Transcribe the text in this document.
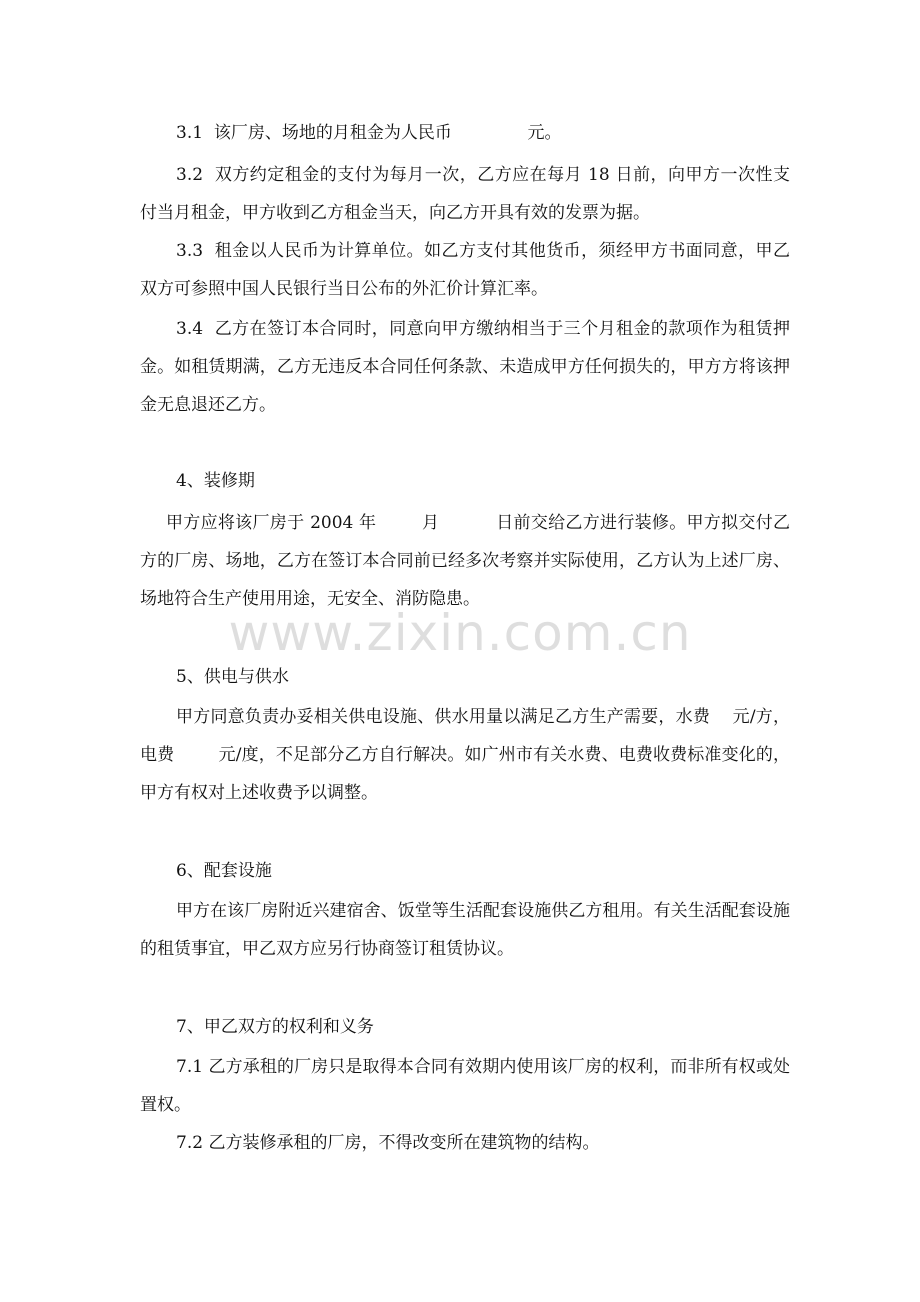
3.1  该厂房、场地的月租金为人民币              元。

3.2  双方约定租金的支付为每月一次，乙方应在每月 18 日前，向甲方一次性支付当月租金，甲方收到乙方租金当天，向乙方开具有效的发票为据。

3.3  租金以人民币为计算单位。如乙方支付其他货币，须经甲方书面同意，甲乙双方可参照中国人民银行当日公布的外汇价计算汇率。

3.4  乙方在签订本合同时，同意向甲方缴纳相当于三个月租金的款项作为租赁押金。如租赁期满，乙方无违反本合同任何条款、未造成甲方任何损失的，甲方方将该押金无息退还乙方。

4、装修期

甲方应将该厂房于 2004 年        月          日前交给乙方进行装修。甲方拟交付乙方的厂房、场地，乙方在签订本合同前已经多次考察并实际使用，乙方认为上述厂房、场地符合生产使用用途，无安全、消防隐患。

5、供电与供水

甲方同意负责办妥相关供电设施、供水用量以满足乙方生产需要，水费    元/方，电费        元/度，不足部分乙方自行解决。如广州市有关水费、电费收费标准变化的，甲方有权对上述收费予以调整。

6、配套设施

甲方在该厂房附近兴建宿舍、饭堂等生活配套设施供乙方租用。有关生活配套设施的租赁事宜，甲乙双方应另行协商签订租赁协议。

7、甲乙双方的权利和义务

7.1 乙方承租的厂房只是取得本合同有效期内使用该厂房的权利，而非所有权或处置权。

7.2 乙方装修承租的厂房，不得改变所在建筑物的结构。

www.zixin.com.cn
